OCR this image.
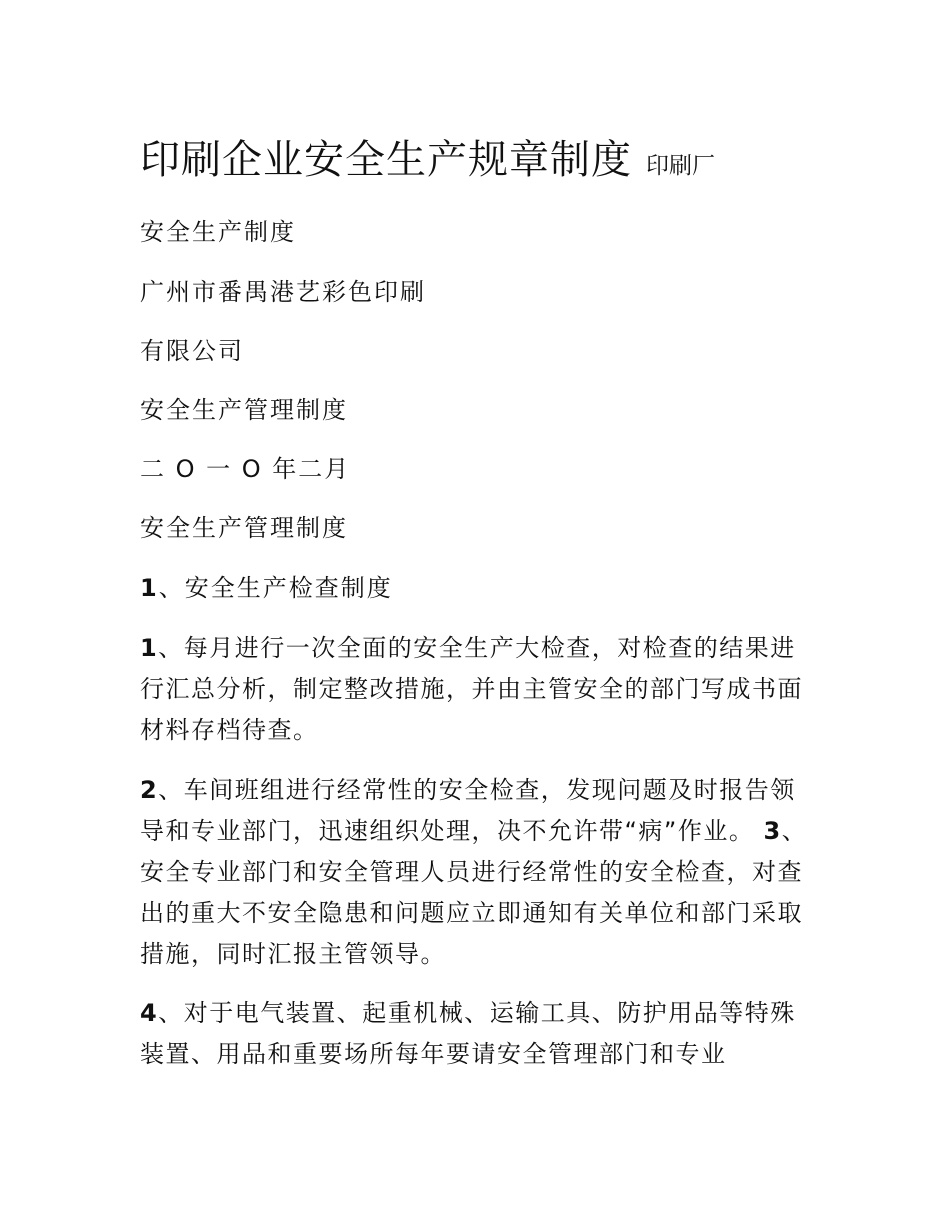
印刷企业安全生产规章制度 印刷厂
安全生产制度
广州市番禺港艺彩色印刷
有限公司
安全生产管理制度
二 O 一 O 年二月
安全生产管理制度
1、安全生产检查制度
1、每月进行一次全面的安全生产大检查，对检查的结果进行汇总分析，制定整改措施，并由主管安全的部门写成书面材料存档待查。
2、车间班组进行经常性的安全检查，发现问题及时报告领导和专业部门，迅速组织处理，决不允许带“病”作业。 3、安全专业部门和安全管理人员进行经常性的安全检查，对查出的重大不安全隐患和问题应立即通知有关单位和部门采取措施，同时汇报主管领导。
4、对于电气装置、起重机械、运输工具、防护用品等特殊装置、用品和重要场所每年要请安全管理部门和专业
